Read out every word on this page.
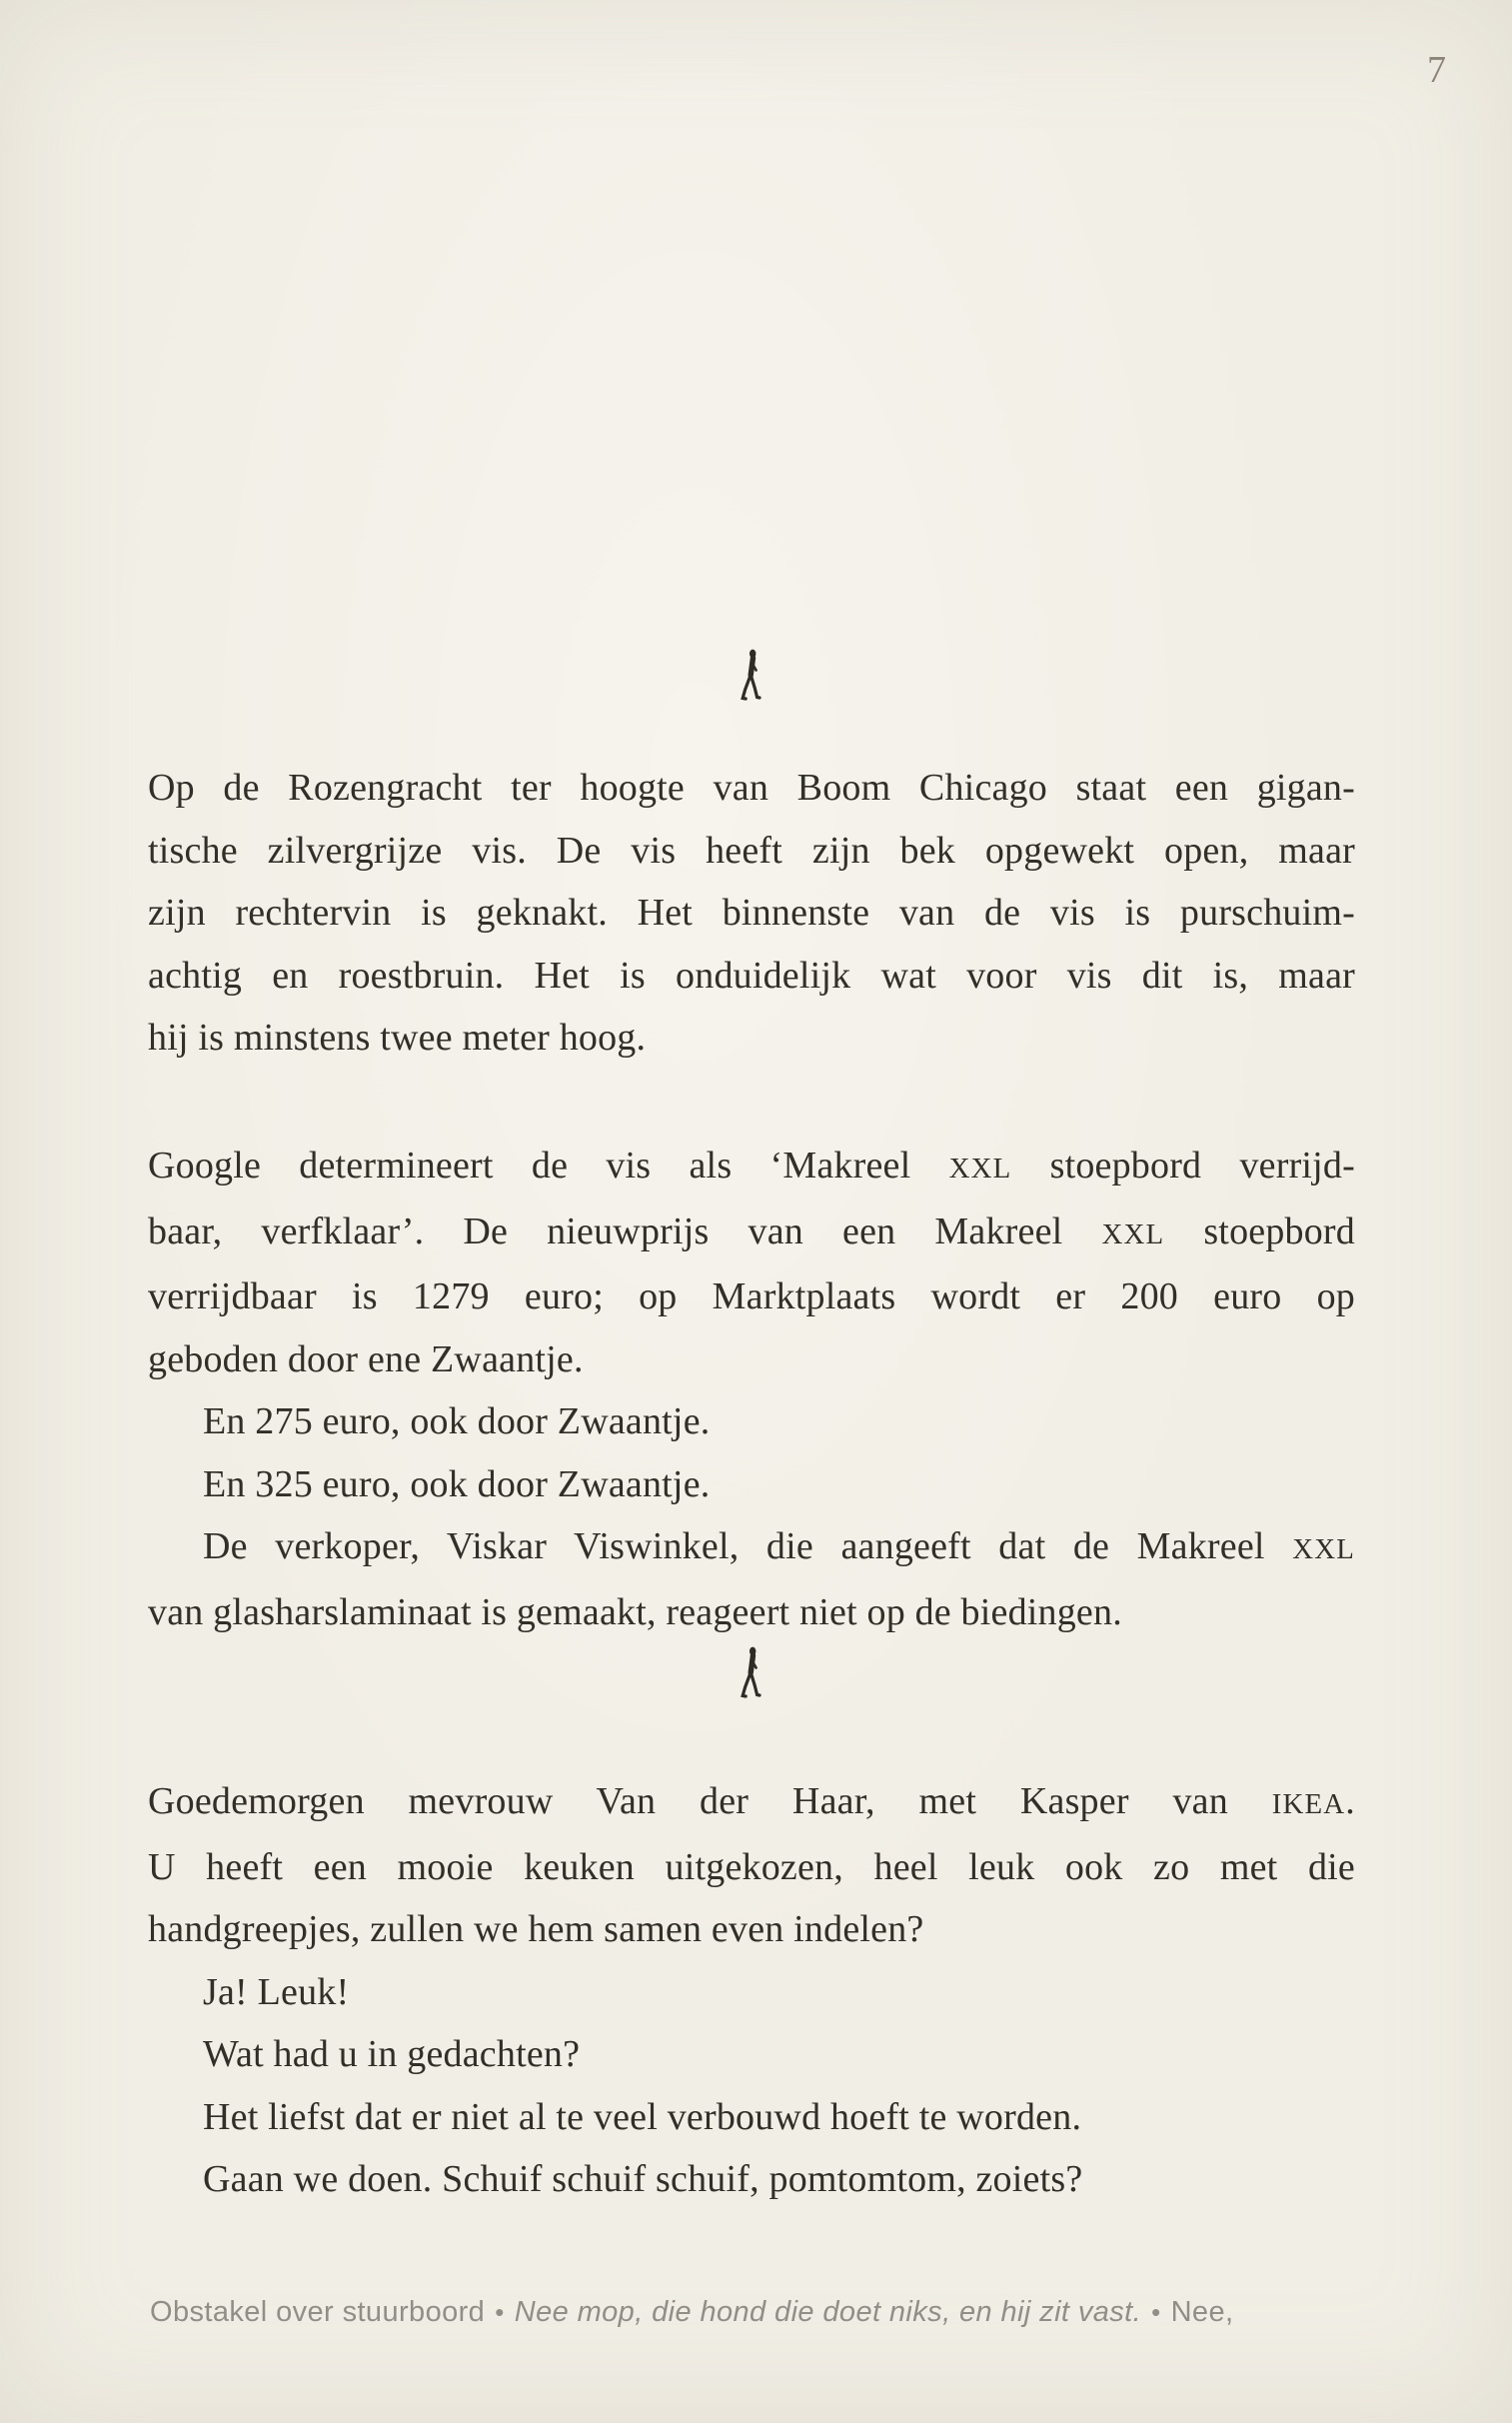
7
Op de Rozengracht ter hoogte van Boom Chicago staat een gigan-
tische zilvergrijze vis. De vis heeft zijn bek opgewekt open, maar
zijn rechtervin is geknakt. Het binnenste van de vis is purschuim-
achtig en roestbruin. Het is onduidelijk wat voor vis dit is, maar
hij is minstens twee meter hoog.
Google determineert de vis als ‘Makreel XXL stoepbord verrijd-
baar, verfklaar’. De nieuwprijs van een Makreel XXL stoepbord
verrijdbaar is 1279 euro; op Marktplaats wordt er 200 euro op
geboden door ene Zwaantje.
En 275 euro, ook door Zwaantje.
En 325 euro, ook door Zwaantje.
De verkoper, Viskar Viswinkel, die aangeeft dat de Makreel XXL
van glasharslaminaat is gemaakt, reageert niet op de biedingen.
Goedemorgen mevrouw Van der Haar, met Kasper van IKEA.
U heeft een mooie keuken uitgekozen, heel leuk ook zo met die
handgreepjes, zullen we hem samen even indelen?
Ja! Leuk!
Wat had u in gedachten?
Het liefst dat er niet al te veel verbouwd hoeft te worden.
Gaan we doen. Schuif schuif schuif, pomtomtom, zoiets?
Obstakel over stuurboord • Nee mop, die hond die doet niks, en hij zit vast. • Nee,
